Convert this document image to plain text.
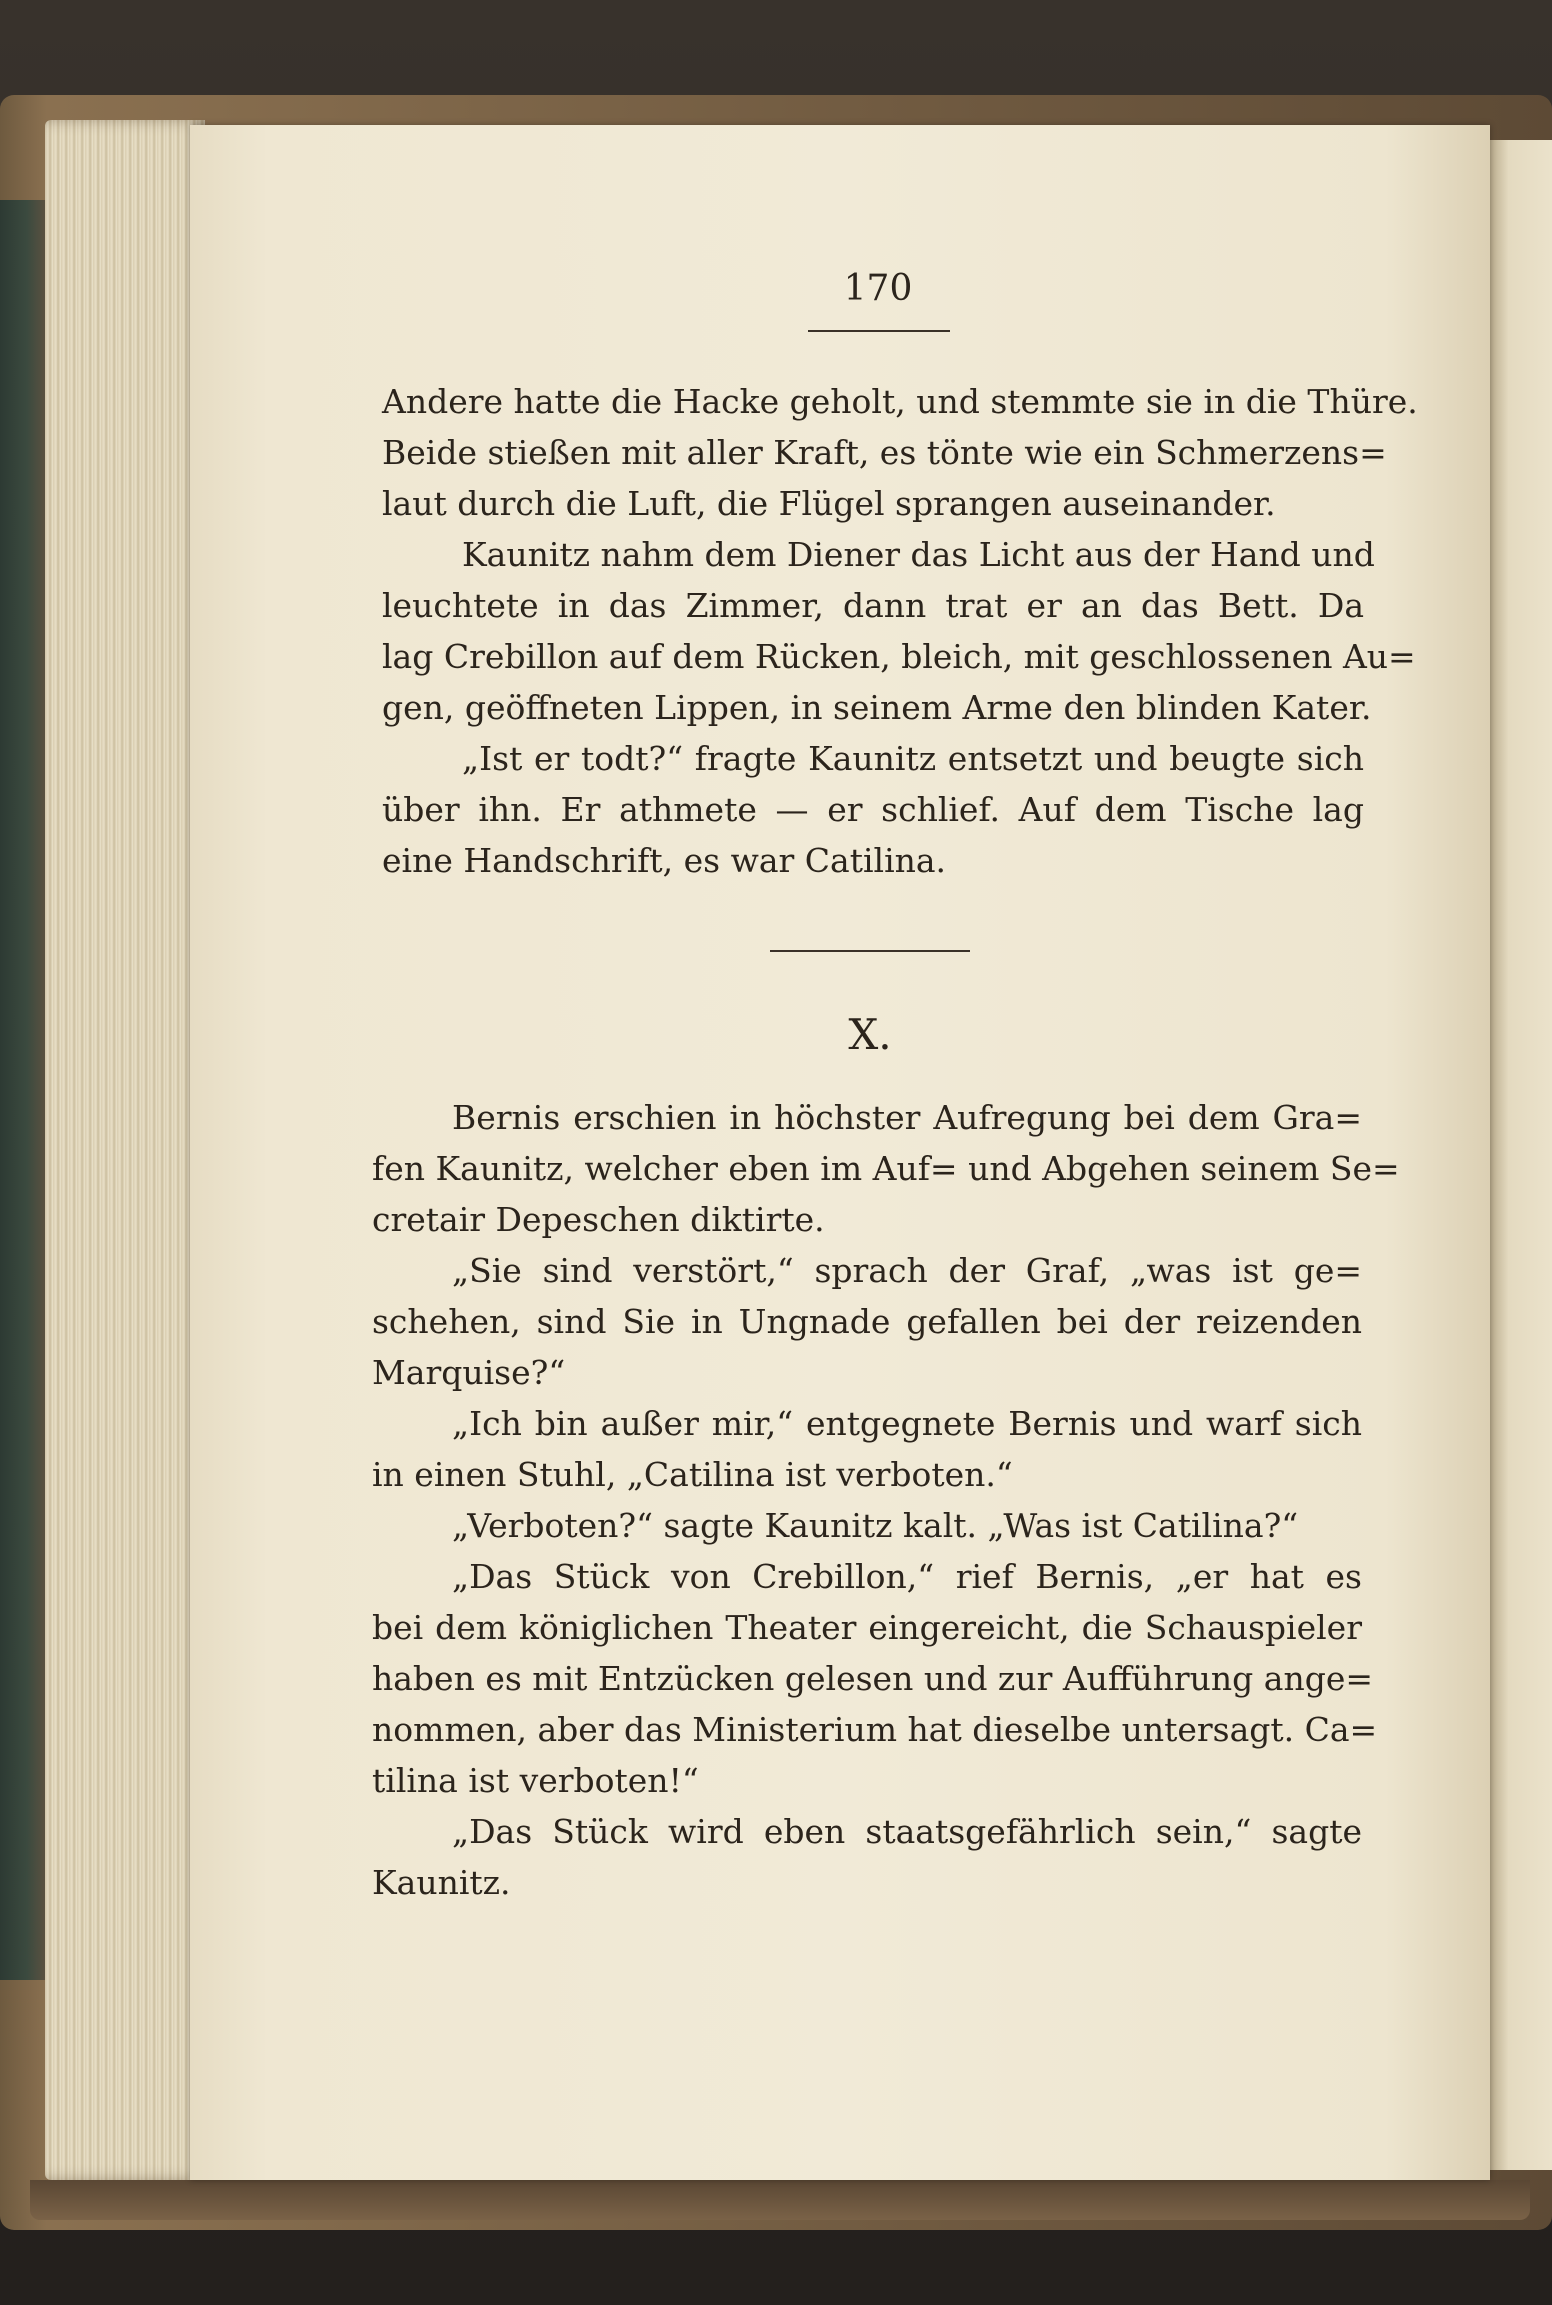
170
Andere hatte die Hacke geholt, und stemmte sie in die Thüre.
Beide stießen mit aller Kraft, es tönte wie ein Schmerzens=
laut durch die Luft, die Flügel sprangen auseinander.
Kaunitz nahm dem Diener das Licht aus der Hand und
leuchtete in das Zimmer, dann trat er an das Bett. Da
lag Crebillon auf dem Rücken, bleich, mit geschlossenen Au=
gen, geöffneten Lippen, in seinem Arme den blinden Kater.
„Ist er todt?“ fragte Kaunitz entsetzt und beugte sich
über ihn. Er athmete — er schlief. Auf dem Tische lag
eine Handschrift, es war Catilina.
X.
Bernis erschien in höchster Aufregung bei dem Gra=
fen Kaunitz, welcher eben im Auf= und Abgehen seinem Se=
cretair Depeschen diktirte.
„Sie sind verstört,“ sprach der Graf, „was ist ge=
schehen, sind Sie in Ungnade gefallen bei der reizenden
Marquise?“
„Ich bin außer mir,“ entgegnete Bernis und warf sich
in einen Stuhl, „Catilina ist verboten.“
„Verboten?“ sagte Kaunitz kalt. „Was ist Catilina?“
„Das Stück von Crebillon,“ rief Bernis, „er hat es
bei dem königlichen Theater eingereicht, die Schauspieler
haben es mit Entzücken gelesen und zur Aufführung ange=
nommen, aber das Ministerium hat dieselbe untersagt. Ca=
tilina ist verboten!“
„Das Stück wird eben staatsgefährlich sein,“ sagte
Kaunitz.
